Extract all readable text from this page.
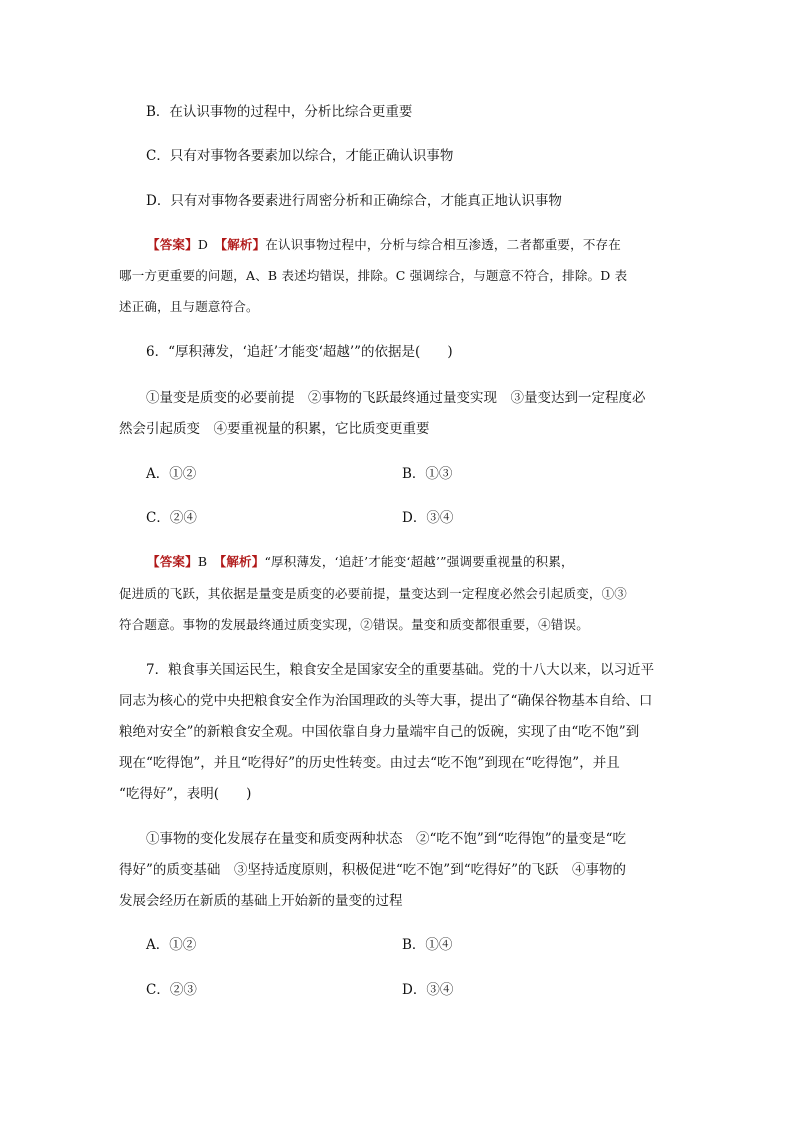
B．在认识事物的过程中，分析比综合更重要
C．只有对事物各要素加以综合，才能正确认识事物
D．只有对事物各要素进行周密分析和正确综合，才能真正地认识事物
【答案】D　 【解析】在认识事物过程中，分析与综合相互渗透，二者都重要，不存在
哪一方更重要的问题，A、B 表述均错误，排除。C 强调综合，与题意不符合，排除。D 表
述正确，且与题意符合。
6．“厚积薄发，‘追赶’才能变‘超越’”的依据是(　　)
①量变是质变的必要前提　②事物的飞跃最终通过量变实现　③量变达到一定程度必
然会引起质变　④要重视量的积累，它比质变更重要
A．①②	B．①③
C．②④	D．③④
【答案】B　 【解析】“厚积薄发，‘追赶’才能变‘超越’”强调要重视量的积累，
促进质的飞跃，其依据是量变是质变的必要前提，量变达到一定程度必然会引起质变，①③
符合题意。事物的发展最终通过质变实现，②错误。量变和质变都很重要，④错误。
7．粮食事关国运民生，粮食安全是国家安全的重要基础。党的十八大以来，以习近平
同志为核心的党中央把粮食安全作为治国理政的头等大事，提出了“确保谷物基本自给、口
粮绝对安全”的新粮食安全观。中国依靠自身力量端牢自己的饭碗，实现了由“吃不饱”到
现在“吃得饱”，并且“吃得好”的历史性转变。由过去“吃不饱”到现在“吃得饱”，并且
“吃得好”，表明(　　)
①事物的变化发展存在量变和质变两种状态　②“吃不饱”到“吃得饱”的量变是“吃
得好”的质变基础　③坚持适度原则，积极促进“吃不饱”到“吃得好”的飞跃　④事物的
发展会经历在新质的基础上开始新的量变的过程
A．①②	B．①④
C．②③	D．③④
